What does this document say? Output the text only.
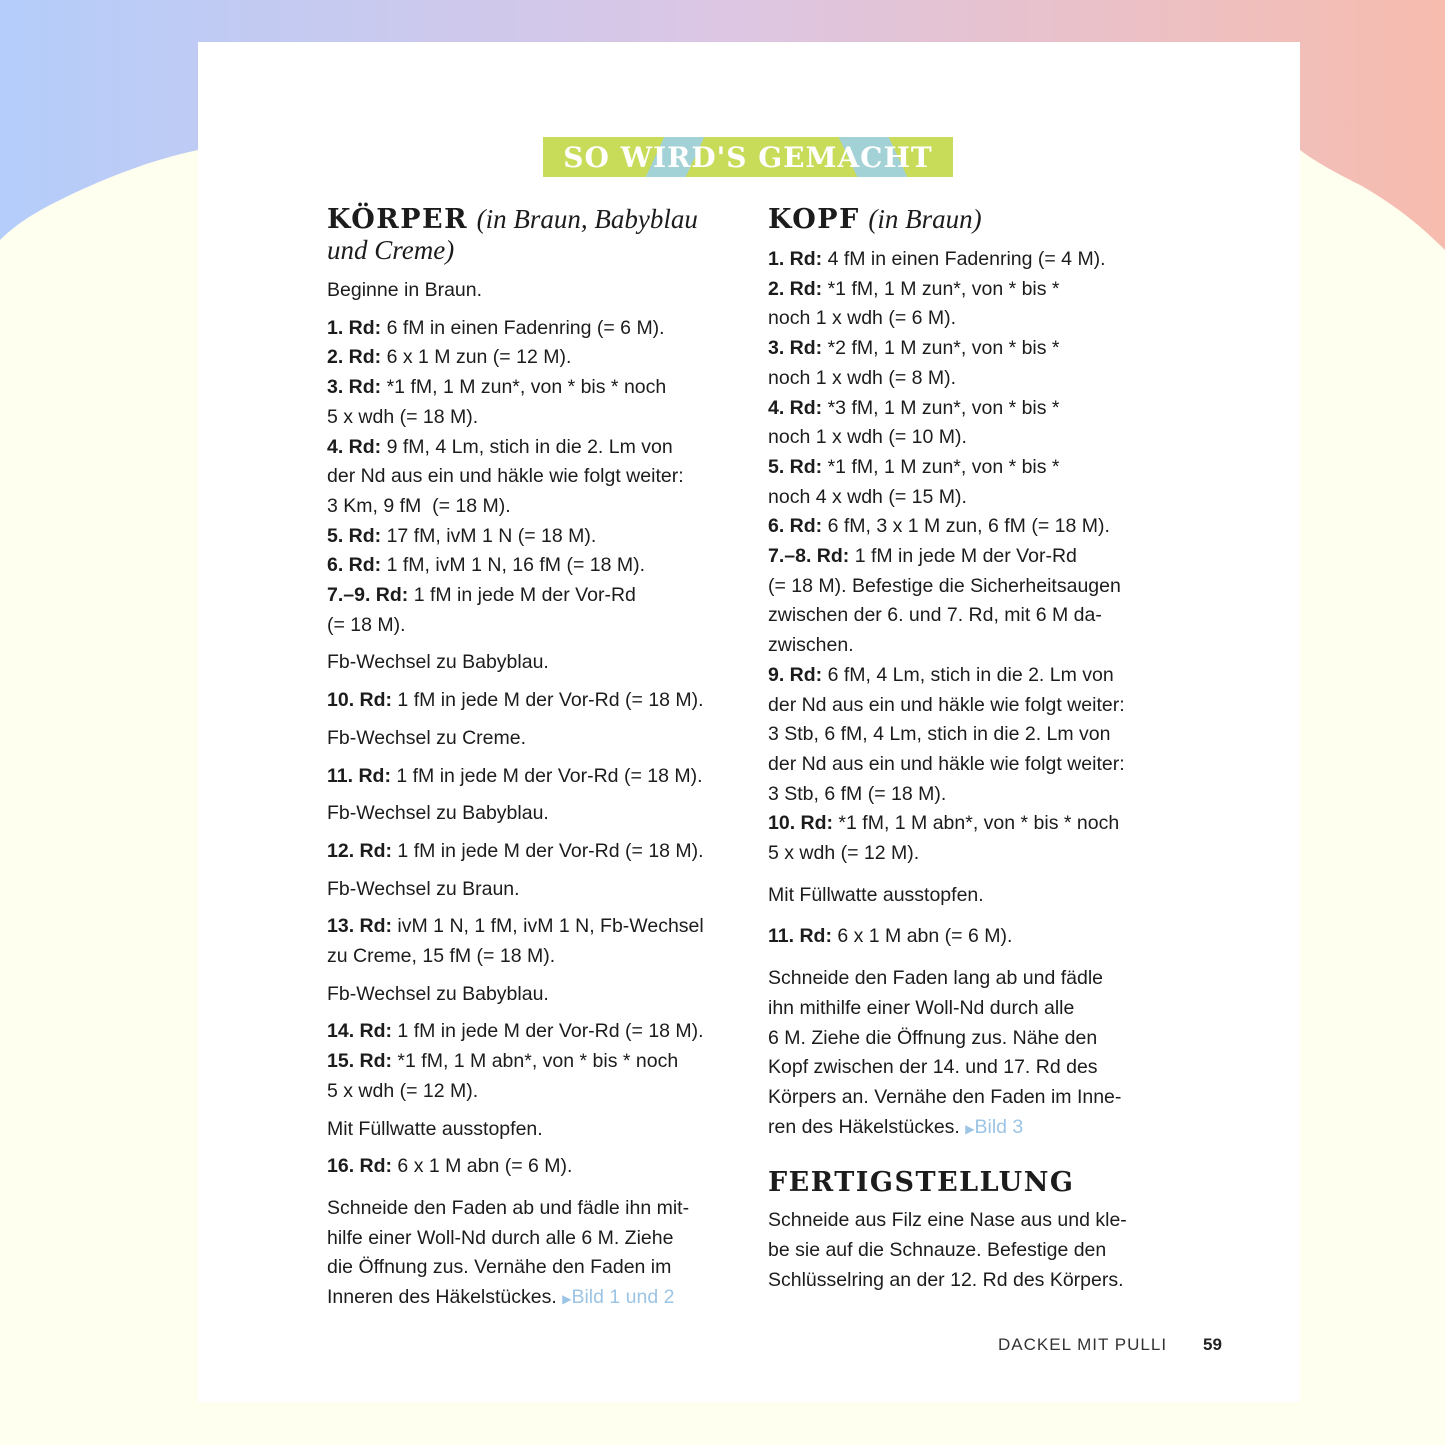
SO WIRD'S GEMACHT
KÖRPER (in Braun, Babyblau
und Creme)
Beginne in Braun.
1. Rd: 6 fM in einen Fadenring (= 6 M).
2. Rd: 6 x 1 M zun (= 12 M).
3. Rd: *1 fM, 1 M zun*, von * bis * noch
5 x wdh (= 18 M).
4. Rd: 9 fM, 4 Lm, stich in die 2. Lm von
der Nd aus ein und häkle wie folgt weiter:
3 Km, 9 fM  (= 18 M).
5. Rd: 17 fM, ivM 1 N (= 18 M).
6. Rd: 1 fM, ivM 1 N, 16 fM (= 18 M).
7.–9. Rd: 1 fM in jede M der Vor-Rd
(= 18 M).
Fb-Wechsel zu Babyblau.
10. Rd: 1 fM in jede M der Vor-Rd (= 18 M).
Fb-Wechsel zu Creme.
11. Rd: 1 fM in jede M der Vor-Rd (= 18 M).
Fb-Wechsel zu Babyblau.
12. Rd: 1 fM in jede M der Vor-Rd (= 18 M).
Fb-Wechsel zu Braun.
13. Rd: ivM 1 N, 1 fM, ivM 1 N, Fb-Wechsel
zu Creme, 15 fM (= 18 M).
Fb-Wechsel zu Babyblau.
14. Rd: 1 fM in jede M der Vor-Rd (= 18 M).
15. Rd: *1 fM, 1 M abn*, von * bis * noch
5 x wdh (= 12 M).
Mit Füllwatte ausstopfen.
16. Rd: 6 x 1 M abn (= 6 M).
Schneide den Faden ab und fädle ihn mit-
hilfe einer Woll-Nd durch alle 6 M. Ziehe
die Öffnung zus. Vernähe den Faden im
Inneren des Häkelstückes. ▶Bild 1 und 2
KOPF (in Braun)
1. Rd: 4 fM in einen Fadenring (= 4 M).
2. Rd: *1 fM, 1 M zun*, von * bis *
noch 1 x wdh (= 6 M).
3. Rd: *2 fM, 1 M zun*, von * bis *
noch 1 x wdh (= 8 M).
4. Rd: *3 fM, 1 M zun*, von * bis *
noch 1 x wdh (= 10 M).
5. Rd: *1 fM, 1 M zun*, von * bis *
noch 4 x wdh (= 15 M).
6. Rd: 6 fM, 3 x 1 M zun, 6 fM (= 18 M).
7.–8. Rd: 1 fM in jede M der Vor-Rd
(= 18 M). Befestige die Sicherheitsaugen
zwischen der 6. und 7. Rd, mit 6 M da-
zwischen.
9. Rd: 6 fM, 4 Lm, stich in die 2. Lm von
der Nd aus ein und häkle wie folgt weiter:
3 Stb, 6 fM, 4 Lm, stich in die 2. Lm von
der Nd aus ein und häkle wie folgt weiter:
3 Stb, 6 fM (= 18 M).
10. Rd: *1 fM, 1 M abn*, von * bis * noch
5 x wdh (= 12 M).
Mit Füllwatte ausstopfen.
11. Rd: 6 x 1 M abn (= 6 M).
Schneide den Faden lang ab und fädle
ihn mithilfe einer Woll-Nd durch alle
6 M. Ziehe die Öffnung zus. Nähe den
Kopf zwischen der 14. und 17. Rd des
Körpers an. Vernähe den Faden im Inne-
ren des Häkelstückes. ▶Bild 3
FERTIGSTELLUNG
Schneide aus Filz eine Nase aus und kle-
be sie auf die Schnauze. Befestige den
Schlüsselring an der 12. Rd des Körpers.
DACKEL MIT PULLI 59
